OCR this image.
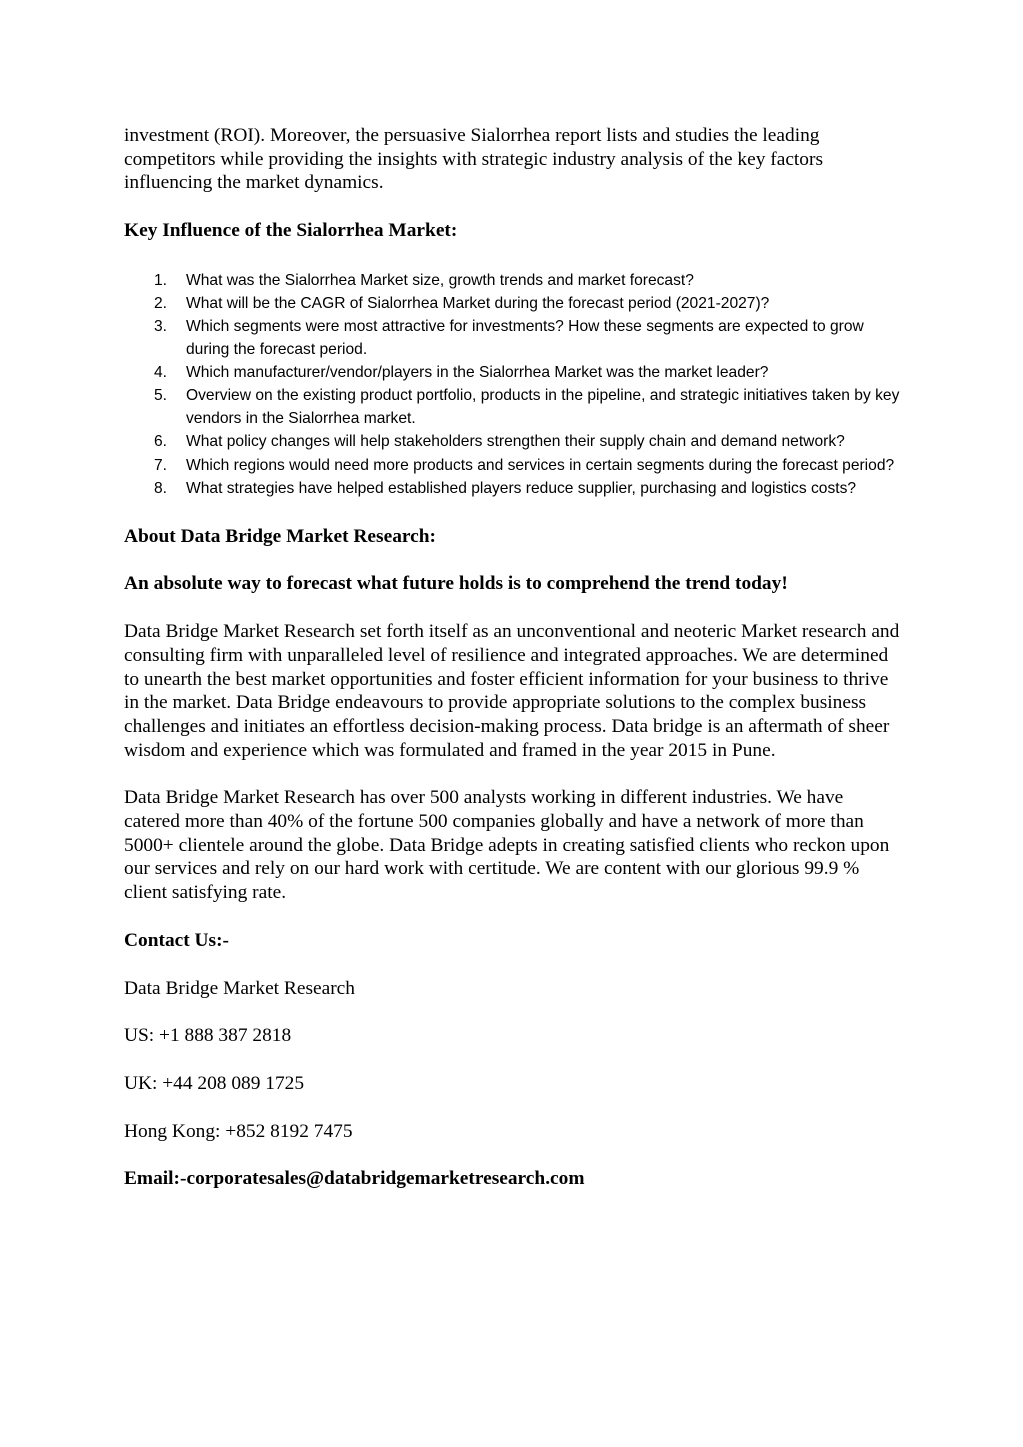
investment (ROI). Moreover, the persuasive Sialorrhea report lists and studies the leading competitors while providing the insights with strategic industry analysis of the key factors influencing the market dynamics.

Key Influence of the Sialorrhea Market:

1. What was the Sialorrhea Market size, growth trends and market forecast?
2. What will be the CAGR of Sialorrhea Market during the forecast period (2021-2027)?
3. Which segments were most attractive for investments? How these segments are expected to grow during the forecast period.
4. Which manufacturer/vendor/players in the Sialorrhea Market was the market leader?
5. Overview on the existing product portfolio, products in the pipeline, and strategic initiatives taken by key vendors in the Sialorrhea market.
6. What policy changes will help stakeholders strengthen their supply chain and demand network?
7. Which regions would need more products and services in certain segments during the forecast period?
8. What strategies have helped established players reduce supplier, purchasing and logistics costs?

About Data Bridge Market Research:

An absolute way to forecast what future holds is to comprehend the trend today!

Data Bridge Market Research set forth itself as an unconventional and neoteric Market research and consulting firm with unparalleled level of resilience and integrated approaches. We are determined to unearth the best market opportunities and foster efficient information for your business to thrive in the market. Data Bridge endeavours to provide appropriate solutions to the complex business challenges and initiates an effortless decision-making process. Data bridge is an aftermath of sheer wisdom and experience which was formulated and framed in the year 2015 in Pune.

Data Bridge Market Research has over 500 analysts working in different industries. We have catered more than 40% of the fortune 500 companies globally and have a network of more than 5000+ clientele around the globe. Data Bridge adepts in creating satisfied clients who reckon upon our services and rely on our hard work with certitude. We are content with our glorious 99.9 % client satisfying rate.

Contact Us:-

Data Bridge Market Research

US: +1 888 387 2818

UK: +44 208 089 1725

Hong Kong: +852 8192 7475

Email:-corporatesales@databridgemarketresearch.com
